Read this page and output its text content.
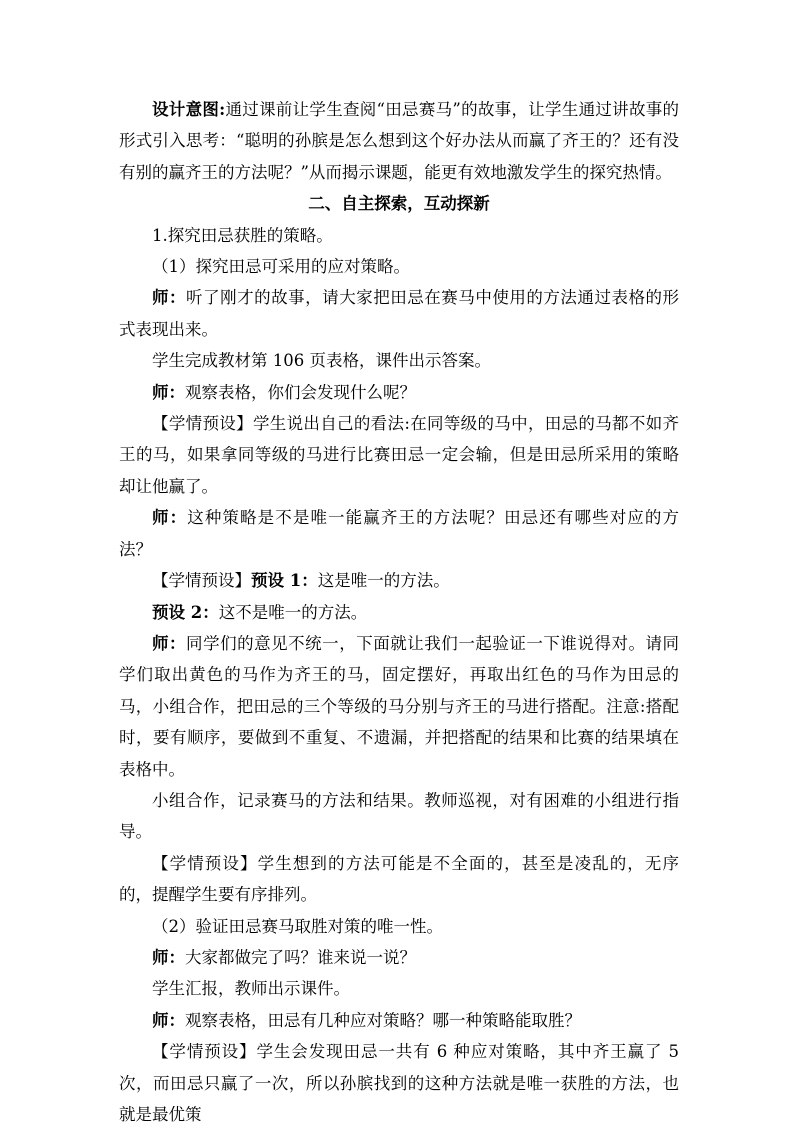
设计意图:通过课前让学生查阅“田忌赛马”的故事，让学生通过讲故事的形式引入思考：“聪明的孙膑是怎么想到这个好办法从而赢了齐王的？还有没有别的赢齐王的方法呢？”从而揭示课题，能更有效地激发学生的探究热情。

二、自主探索，互动探新

1.探究田忌获胜的策略。

（1）探究田忌可采用的应对策略。

师：听了刚才的故事，请大家把田忌在赛马中使用的方法通过表格的形式表现出来。

学生完成教材第 106 页表格，课件出示答案。

师：观察表格，你们会发现什么呢？

【学情预设】学生说出自己的看法:在同等级的马中，田忌的马都不如齐王的马，如果拿同等级的马进行比赛田忌一定会输，但是田忌所采用的策略却让他赢了。

师：这种策略是不是唯一能赢齐王的方法呢？田忌还有哪些对应的方法？

【学情预设】预设 1：这是唯一的方法。

预设 2：这不是唯一的方法。

师：同学们的意见不统一，下面就让我们一起验证一下谁说得对。请同学们取出黄色的马作为齐王的马，固定摆好，再取出红色的马作为田忌的马，小组合作，把田忌的三个等级的马分别与齐王的马进行搭配。注意:搭配时，要有顺序，要做到不重复、不遗漏，并把搭配的结果和比赛的结果填在表格中。

小组合作，记录赛马的方法和结果。教师巡视，对有困难的小组进行指导。

【学情预设】学生想到的方法可能是不全面的，甚至是凌乱的，无序的，提醒学生要有序排列。

（2）验证田忌赛马取胜对策的唯一性。

师：大家都做完了吗？谁来说一说？

学生汇报，教师出示课件。

师：观察表格，田忌有几种应对策略？哪一种策略能取胜？

【学情预设】学生会发现田忌一共有 6 种应对策略，其中齐王赢了 5 次，而田忌只赢了一次，所以孙膑找到的这种方法就是唯一获胜的方法，也就是最优策
